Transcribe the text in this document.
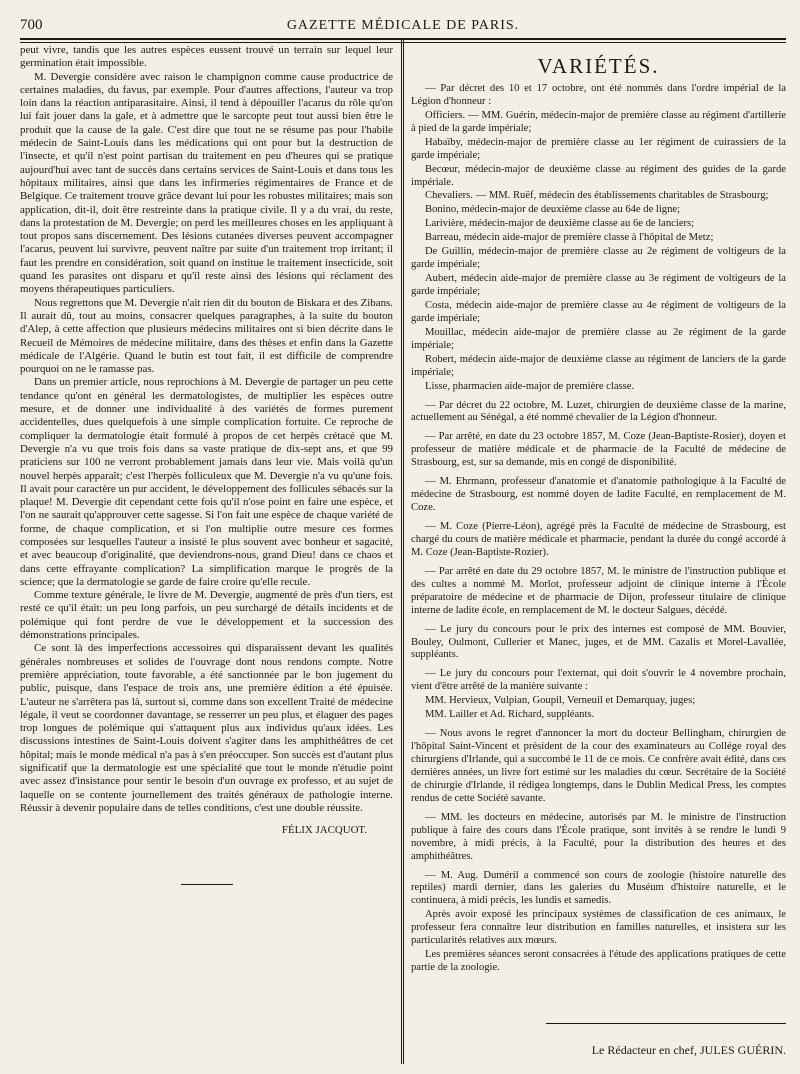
700	GAZETTE MÉDICALE DE PARIS.

peut vivre, tandis que les autres espèces eussent trouvé un terrain sur lequel leur germination était impossible.

M. Devergie considère avec raison le champignon comme cause productrice de certaines maladies, du favus, par exemple. Pour d'autres affections, l'auteur va trop loin dans la réaction antiparasitaire. Ainsi, il tend à dépouiller l'acarus du rôle qu'on lui fait jouer dans la gale, et à admettre que le sarcopte peut tout aussi bien être le produit que la cause de la gale. C'est dire que tout ne se résume pas pour l'habile médecin de Saint-Louis dans les médications qui ont pour but la destruction de l'insecte, et qu'il n'est point partisan du traitement en peu d'heures qui se pratique aujourd'hui avec tant de succès dans certains services de Saint-Louis et dans tous les hôpitaux militaires, ainsi que dans les infirmeries régimentaires de France et de Belgique. Ce traitement trouve grâce devant lui pour les robustes militaires; mais son application, dit-il, doit être restreinte dans la pratique civile. Il y a du vrai, du reste, dans la protestation de M. Devergie; on perd les meilleures choses en les appliquant à tout propos sans discernement. Des lésions cutanées diverses peuvent accompagner l'acarus, peuvent lui survivre, peuvent naître par suite d'un traitement trop irritant; il faut les prendre en considération, soit quand on institue le traitement insecticide, soit quand les parasites ont disparu et qu'il reste ainsi des lésions qui réclament des moyens thérapeutiques particuliers.

Nous regrettons que M. Devergie n'ait rien dit du bouton de Biskara et des Zibans. Il aurait dû, tout au moins, consacrer quelques paragraphes, à la suite du bouton d'Alep, à cette affection que plusieurs médecins militaires ont si bien décrite dans le Recueil de Mémoires de médecine militaire, dans des thèses et enfin dans la Gazette médicale de l'Algérie. Quand le butin est tout fait, il est difficile de comprendre pourquoi on ne le ramasse pas.

Dans un premier article, nous reprochions à M. Devergie de partager un peu cette tendance qu'ont en général les dermatologistes, de multiplier les espèces outre mesure, et de donner une individualité à des variétés de formes purement accidentelles, dues quelquefois à une simple complication fortuite. Ce reproche de compliquer la dermatologie était formulé à propos de cet herpès crétacé que M. Devergie n'a vu que trois fois dans sa vaste pratique de dix-sept ans, et que 99 praticiens sur 100 ne verront probablement jamais dans leur vie. Mais voilà qu'un nouvel herpès apparaît; c'est l'herpès folliculeux que M. Devergie n'a vu qu'une fois. Il avait pour caractère un pur accident, le développement des follicules sébacés sur la plaque! M. Devergie dit cependant cette fois qu'il n'ose point en faire une espèce, et l'on ne saurait qu'approuver cette sagesse. Si l'on fait une espèce de chaque variété de forme, de chaque complication, et si l'on multiplie outre mesure ces formes composées sur lesquelles l'auteur a insisté le plus souvent avec bonheur et sagacité, et avec beaucoup d'originalité, que deviendrons-nous, grand Dieu! dans ce chaos et dans cette effrayante complication? La simplification marque le progrès de la science; que la dermatologie se garde de faire croire qu'elle recule.

Comme texture générale, le livre de M. Devergie, augmenté de près d'un tiers, est resté ce qu'il était: un peu long parfois, un peu surchargé de détails incidents et de polémique qui font perdre de vue le développement et la succession des démonstrations principales.

Ce sont là des imperfections accessoires qui disparaissent devant les qualités générales nombreuses et solides de l'ouvrage dont nous rendons compte. Notre première appréciation, toute favorable, a été sanctionnée par le bon jugement du public, puisque, dans l'espace de trois ans, une première édition a été épuisée. L'auteur ne s'arrêtera pas là, surtout si, comme dans son excellent Traité de médecine légale, il veut se coordonner davantage, se resserrer un peu plus, et élaguer des pages trop longues de polémique qui s'attaquent plus aux individus qu'aux idées. Les discussions intestines de Saint-Louis doivent s'agiter dans les amphithéâtres de cet hôpital; mais le monde médical n'a pas à s'en préoccuper. Son succès est d'autant plus significatif que la dermatologie est une spécialité que tout le monde n'étudie point avec assez d'insistance pour sentir le besoin d'un ouvrage ex professo, et au sujet de laquelle on se contente journellement des traités généraux de pathologie interne. Réussir à devenir populaire dans de telles conditions, c'est une double réussite.

FÉLIX JACQUOT.

VARIÉTÉS.

— Par décret des 10 et 17 octobre, ont été nommés dans l'ordre impérial de la Légion d'honneur :

Officiers. — MM. Guérin, médecin-major de première classe au régiment d'artillerie à pied de la garde impériale;

Habaïby, médecin-major de première classe au 1er régiment de cuirassiers de la garde impériale;

Becœur, médecin-major de deuxième classe au régiment des guides de la garde impériale.

Chevaliers. — MM. Ruëf, médecin des établissements charitables de Strasbourg;

Bonino, médecin-major de deuxième classe au 64e de ligne;

Larivière, médecin-major de deuxième classe au 6e de lanciers;

Barreau, médecin aide-major de première classe à l'hôpital de Metz;

De Guillin, médecin-major de première classe au 2e régiment de voltigeurs de la garde impériale;

Aubert, médecin aide-major de première classe au 3e régiment de voltigeurs de la garde impériale;

Costa, médecin aide-major de première classe au 4e régiment de voltigeurs de la garde impériale;

Mouillac, médecin aide-major de première classe au 2e régiment de la garde impériale;

Robert, médecin aide-major de deuxième classe au régiment de lanciers de la garde impériale;

Lisse, pharmacien aide-major de première classe.

— Par décret du 22 octobre, M. Luzet, chirurgien de deuxième classe de la marine, actuellement au Sénégal, a été nommé chevalier de la Légion d'honneur.

— Par arrêté, en date du 23 octobre 1857, M. Coze (Jean-Baptiste-Rosier), doyen et professeur de matière médicale et de pharmacie de la Faculté de médecine de Strasbourg, est, sur sa demande, mis en congé de disponibilité.

— M. Ehrmann, professeur d'anatomie et d'anatomie pathologique à la Faculté de médecine de Strasbourg, est nommé doyen de ladite Faculté, en remplacement de M. Coze.

— M. Coze (Pierre-Léon), agrégé près la Faculté de médecine de Strasbourg, est chargé du cours de matière médicale et pharmacie, pendant la durée du congé accordé à M. Coze (Jean-Baptiste-Rozier).

— Par arrêté en date du 29 octobre 1857, M. le ministre de l'instruction publique et des cultes a nommé M. Morlot, professeur adjoint de clinique interne à l'École préparatoire de médecine et de pharmacie de Dijon, professeur titulaire de clinique interne de ladite école, en remplacement de M. le docteur Salgues, décédé.

— Le jury du concours pour le prix des internes est composé de MM. Bouvier, Bouley, Oulmont, Cullerier et Manec, juges, et de MM. Cazalis et Morel-Lavallée, suppléants.

— Le jury du concours pour l'externat, qui doit s'ouvrir le 4 novembre prochain, vient d'être arrêté de la manière suivante :

MM. Hervieux, Vulpian, Goupil, Verneuil et Demarquay, juges;

MM. Lailler et Ad. Richard, suppléants.

— Nous avons le regret d'annoncer la mort du docteur Bellingham, chirurgien de l'hôpital Saint-Vincent et président de la cour des examinateurs au Collége royal des chirurgiens d'Irlande, qui a succombé le 11 de ce mois. Ce confrère avait édité, dans ces dernières années, un livre fort estimé sur les maladies du cœur. Secrétaire de la Société de chirurgie d'Irlande, il rédigea longtemps, dans le Dublin Medical Press, les comptes rendus de cette Société savante.

— MM. les docteurs en médecine, autorisés par M. le ministre de l'instruction publique à faire des cours dans l'École pratique, sont invités à se rendre le lundi 9 novembre, à midi précis, à la Faculté, pour la distribution des heures et des amphithéâtres.

— M. Aug. Duméril a commencé son cours de zoologie (histoire naturelle des reptiles) mardi dernier, dans les galeries du Muséum d'histoire naturelle, et le continuera, à midi précis, les lundis et samedis.

Après avoir exposé les principaux systèmes de classification de ces animaux, le professeur fera connaître leur distribution en familles naturelles, et insistera sur les particularités relatives aux mœurs.

Les premières séances seront consacrées à l'étude des applications pratiques de cette partie de la zoologie.

Le Rédacteur en chef, JULES GUÉRIN.
